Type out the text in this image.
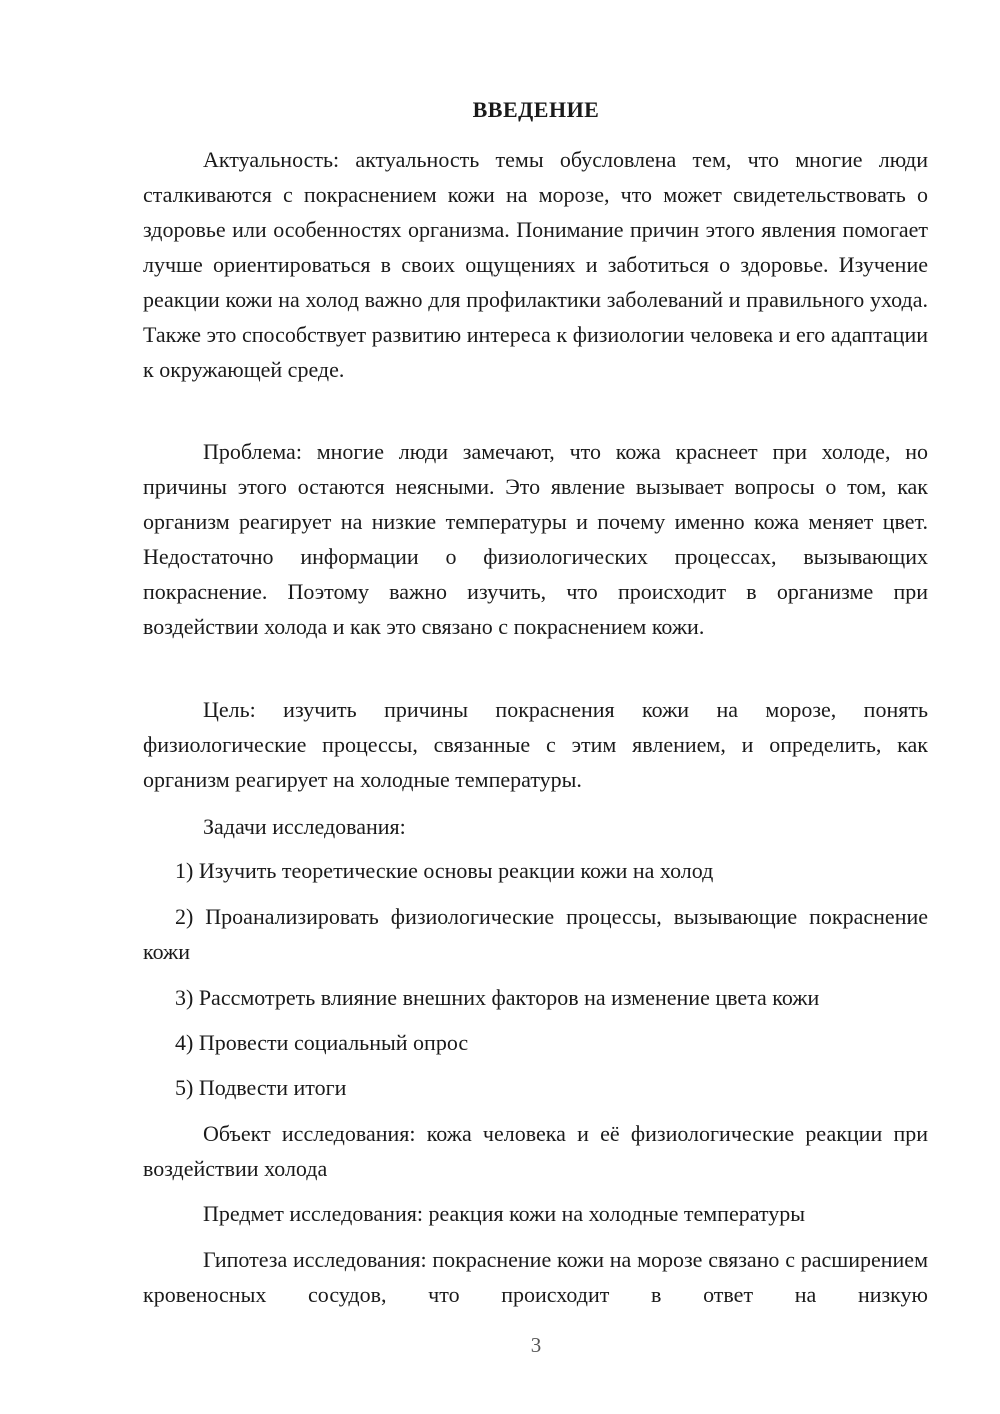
ВВЕДЕНИЕ

Актуальность: актуальность темы обусловлена тем, что многие люди сталкиваются с покраснением кожи на морозе, что может свидетельствовать о здоровье или особенностях организма. Понимание причин этого явления помогает лучше ориентироваться в своих ощущениях и заботиться о здоровье. Изучение реакции кожи на холод важно для профилактики заболеваний и правильного ухода. Также это способствует развитию интереса к физиологии человека и его адаптации к окружающей среде.

Проблема: многие люди замечают, что кожа краснеет при холоде, но причины этого остаются неясными. Это явление вызывает вопросы о том, как организм реагирует на низкие температуры и почему именно кожа меняет цвет. Недостаточно информации о физиологических процессах, вызывающих покраснение. Поэтому важно изучить, что происходит в организме при воздействии холода и как это связано с покраснением кожи.

Цель: изучить причины покраснения кожи на морозе, понять физиологические процессы, связанные с этим явлением, и определить, как организм реагирует на холодные температуры.

Задачи исследования:

1) Изучить теоретические основы реакции кожи на холод

2) Проанализировать физиологические процессы, вызывающие покраснение кожи

3) Рассмотреть влияние внешних факторов на изменение цвета кожи

4) Провести социальный опрос

5) Подвести итоги

Объект исследования: кожа человека и её физиологические реакции при воздействии холода

Предмет исследования: реакция кожи на холодные температуры

Гипотеза исследования: покраснение кожи на морозе связано с расширением кровеносных сосудов, что происходит в ответ на низкую

3
